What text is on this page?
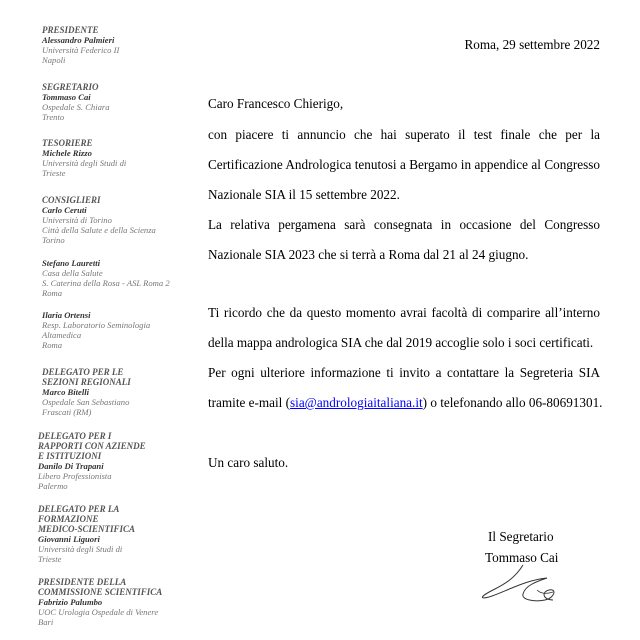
PRESIDENTE
Alessandro Palmieri
Università Federico II
Napoli
SEGRETARIO
Tommaso Cai
Ospedale S. Chiara
Trento
TESORIERE
Michele Rizzo
Università degli Studi di
Trieste
CONSIGLIERI
Carlo Ceruti
Università di Torino
Città della Salute e della Scienza
Torino
Stefano Lauretti
Casa della Salute
S. Caterina della Rosa - ASL Roma 2
Roma
Ilaria Ortensi
Resp. Laboratorio Seminologia
Altamedica
Roma
DELEGATO PER LE
SEZIONI REGIONALI
Marco Bitelli
Ospedale San Sebastiano
Frascati (RM)
DELEGATO PER I
RAPPORTI CON AZIENDE
E ISTITUZIONI
Danilo Di Trapani
Libero Professionista
Palermo
DELEGATO PER LA
FORMAZIONE
MEDICO-SCIENTIFICA
Giovanni Liguori
Università degli Studi di
Trieste
PRESIDENTE DELLA
COMMISSIONE SCIENTIFICA
Fabrizio Palumbo
UOC Urologia Ospedale di Venere
Bari
Roma, 29 settembre 2022
Caro Francesco Chierigo,
con piacere ti annuncio che hai superato il test finale che per la
Certificazione Andrologica tenutosi a Bergamo in appendice al Congresso
Nazionale SIA il 15 settembre 2022.
La relativa pergamena sarà consegnata in occasione del Congresso
Nazionale SIA 2023 che si terrà a Roma dal 21 al 24 giugno.
Ti ricordo che da questo momento avrai facoltà di comparire all’interno
della mappa andrologica SIA che dal 2019 accoglie solo i soci certificati.
Per ogni ulteriore informazione ti invito a contattare la Segreteria SIA
tramite e-mail (sia@andrologiaitaliana.it) o telefonando allo 06-80691301.
Un caro saluto.
Il Segretario
Tommaso Cai
